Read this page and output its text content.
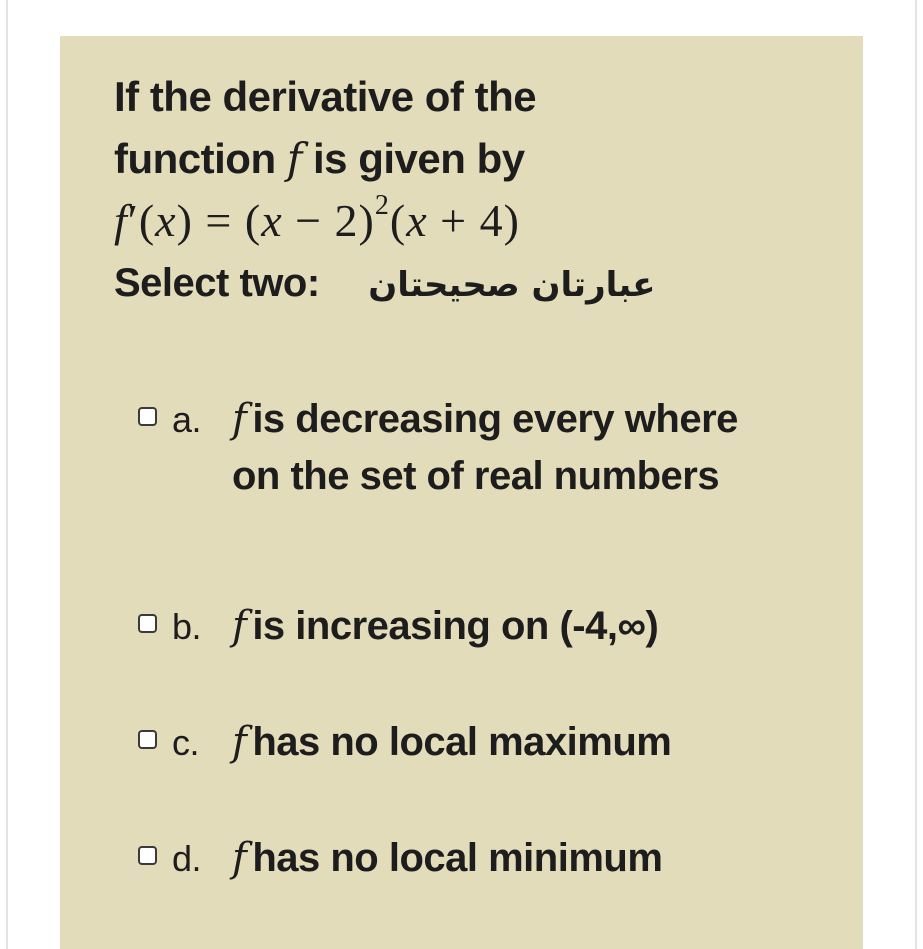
If the derivative of the
function f is given by
$f'(x) = (x - 2)^2(x + 4)$
Select two: عبارتان صحيحتان
a. f is decreasing every where on the set of real numbers
b. f is increasing on (-4,∞)
c. f has no local maximum
d. f has no local minimum
